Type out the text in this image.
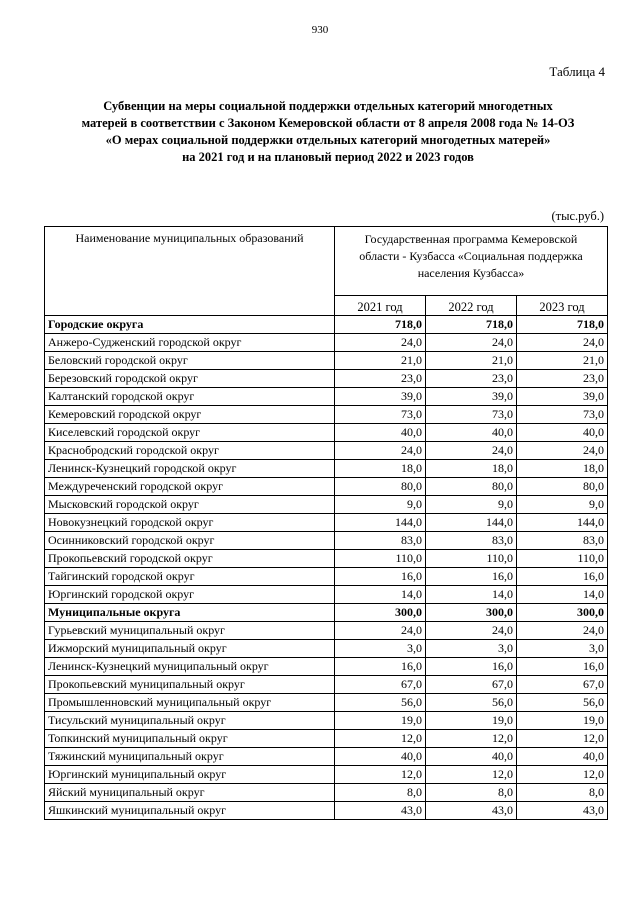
930
Таблица 4
Субвенции на меры социальной поддержки отдельных категорий многодетных
матерей в соответствии с Законом Кемеровской области от 8 апреля 2008 года № 14-ОЗ
«О мерах социальной поддержки отдельных категорий многодетных матерей»
на 2021 год и на плановый период 2022 и 2023 годов
(тыс.руб.)
Наименование муниципальных образований	Государственная программа Кемеровской
области - Кузбасса «Социальная поддержка
населения Кузбасса»		

	2021 год	2022 год	2023 год
Городские округа	718,0	718,0	718,0
Анжеро-Судженский городской округ	24,0	24,0	24,0
Беловский городской округ	21,0	21,0	21,0
Березовский городской округ	23,0	23,0	23,0
Калтанский городской округ	39,0	39,0	39,0
Кемеровский городской округ	73,0	73,0	73,0
Киселевский городской округ	40,0	40,0	40,0
Краснобродский городской округ	24,0	24,0	24,0
Ленинск-Кузнецкий городской округ	18,0	18,0	18,0
Междуреченский городской округ	80,0	80,0	80,0
Мысковский городской округ	9,0	9,0	9,0
Новокузнецкий городской округ	144,0	144,0	144,0
Осинниковский городской округ	83,0	83,0	83,0
Прокопьевский городской округ	110,0	110,0	110,0
Тайгинский городской округ	16,0	16,0	16,0
Юргинский городской округ	14,0	14,0	14,0
Муниципальные округа	300,0	300,0	300,0
Гурьевский муниципальный округ	24,0	24,0	24,0
Ижморский муниципальный округ	3,0	3,0	3,0
Ленинск-Кузнецкий муниципальный округ	16,0	16,0	16,0
Прокопьевский муниципальный округ	67,0	67,0	67,0
Промышленновский муниципальный округ	56,0	56,0	56,0
Тисульский муниципальный округ	19,0	19,0	19,0
Топкинский муниципальный округ	12,0	12,0	12,0
Тяжинский муниципальный округ	40,0	40,0	40,0
Юргинский муниципальный округ	12,0	12,0	12,0
Яйский муниципальный округ	8,0	8,0	8,0
Яшкинский муниципальный округ	43,0	43,0	43,0
